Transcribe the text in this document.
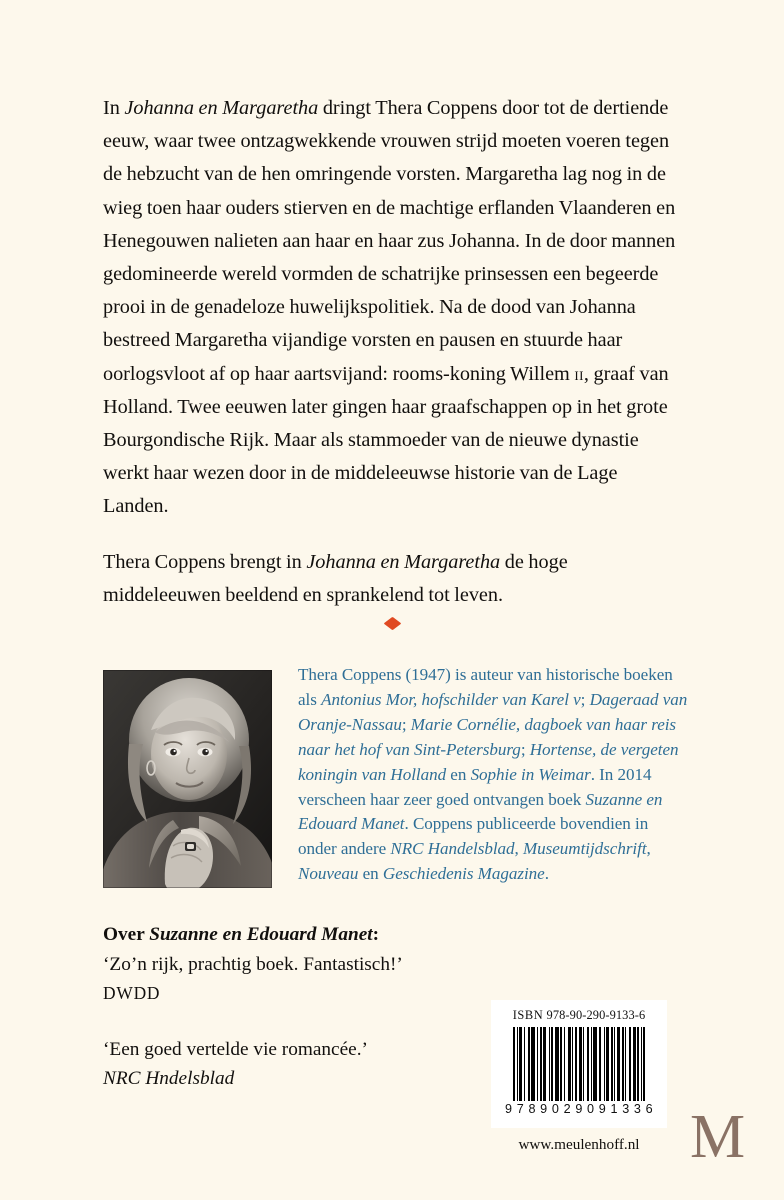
In Johanna en Margaretha dringt Thera Coppens door tot de dertiende eeuw, waar twee ontzagwekkende vrouwen strijd moeten voeren tegen de hebzucht van de hen omringende vorsten. Margaretha lag nog in de wieg toen haar ouders stierven en de machtige erflanden Vlaanderen en Henegouwen nalieten aan haar en haar zus Johanna. In de door mannen gedomineerde wereld vormden de schatrijke prinsessen een begeerde prooi in de genadeloze huwelijkspolitiek. Na de dood van Johanna bestreed Margaretha vijandige vorsten en pausen en stuurde haar oorlogsvloot af op haar aartsvijand: rooms-koning Willem ii, graaf van Holland. Twee eeuwen later gingen haar graafschappen op in het grote Bourgondische Rijk. Maar als stammoeder van de nieuwe dynastie werkt haar wezen door in de middeleeuwse historie van de Lage Landen.

Thera Coppens brengt in Johanna en Margaretha de hoge middeleeuwen beeldend en sprankelend tot leven.

Thera Coppens (1947) is auteur van historische boeken als Antonius Mor, hofschilder van Karel v; Dageraad van Oranje-Nassau; Marie Cornélie, dagboek van haar reis naar het hof van Sint-Petersburg; Hortense, de vergeten koningin van Holland en Sophie in Weimar. In 2014 verscheen haar zeer goed ontvangen boek Suzanne en Edouard Manet. Coppens publiceerde bovendien in onder andere NRC Handelsblad, Museumtijdschrift, Nouveau en Geschiedenis Magazine.

Over Suzanne en Edouard Manet:
‘Zo’n rijk, prachtig boek. Fantastisch!’
DWDD
‘Een goed vertelde vie romancée.’
NRC Hndelsblad
ISBN 978-90-290-9133-6
9 7 8 9 0 2 9 0 9 1 3 3 6
www.meulenhoff.nl M
